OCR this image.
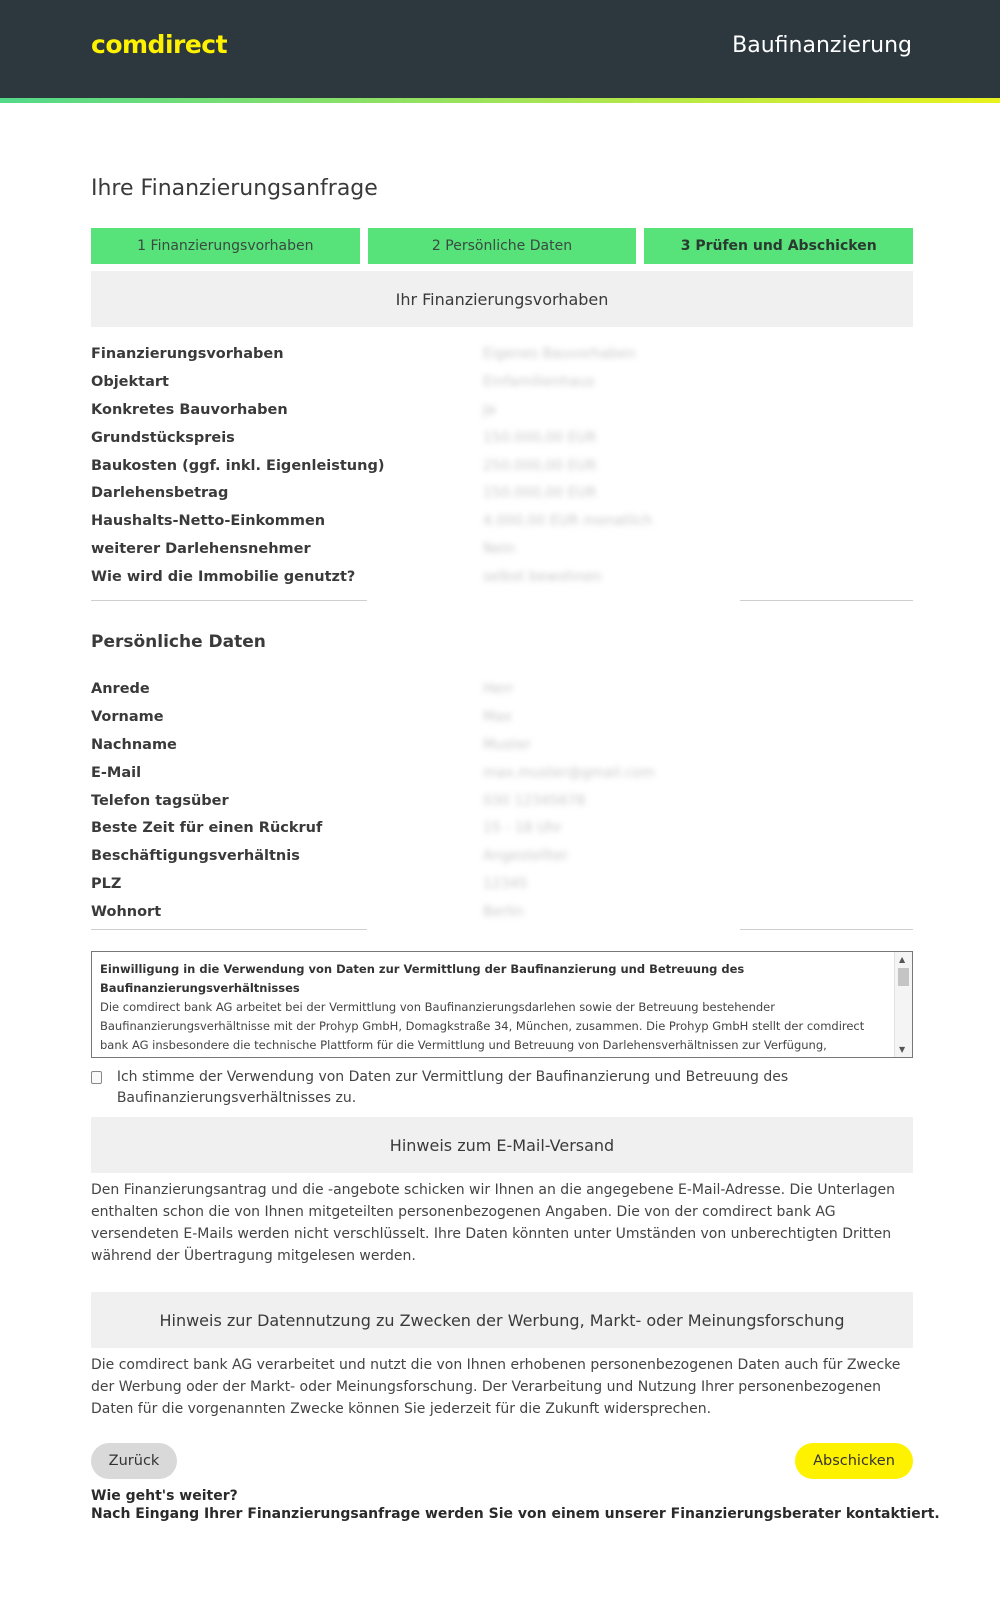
comdirect	Baufinanzierung
Ihre Finanzierungsanfrage
1 Finanzierungsvorhaben	2 Persönliche Daten	3 Prüfen und Abschicken
Ihr Finanzierungsvorhaben
Finanzierungsvorhaben	Eigenes Bauvorhaben
Objektart	Einfamilienhaus
Konkretes Bauvorhaben	Ja
Grundstückspreis	150.000,00 EUR
Baukosten (ggf. inkl. Eigenleistung)	250.000,00 EUR
Darlehensbetrag	150.000,00 EUR
Haushalts-Netto-Einkommen	4.000,00 EUR monatlich
weiterer Darlehensnehmer	Nein
Wie wird die Immobilie genutzt?	selbst bewohnen
Persönliche Daten
Anrede	Herr
Vorname	Max
Nachname	Muster
E-Mail	max.muster@gmail.com
Telefon tagsüber	030 12345678
Beste Zeit für einen Rückruf	15 - 18 Uhr
Beschäftigungsverhältnis	Angestellter
PLZ	12345
Wohnort	Berlin
Einwilligung in die Verwendung von Daten zur Vermittlung der Baufinanzierung und Betreuung des Baufinanzierungsverhältnisses
Die comdirect bank AG arbeitet bei der Vermittlung von Baufinanzierungsdarlehen sowie der Betreuung bestehender Baufinanzierungsverhältnisse mit der Prohyp GmbH, Domagkstraße 34, München, zusammen. Die Prohyp GmbH stellt der comdirect bank AG insbesondere die technische Plattform für die Vermittlung und Betreuung von Darlehensverhältnissen zur Verfügung,
▲
▼
Ich stimme der Verwendung von Daten zur Vermittlung der Baufinanzierung und Betreuung des Baufinanzierungsverhältnisses zu.
Hinweis zum E-Mail-Versand
Den Finanzierungsantrag und die -angebote schicken wir Ihnen an die angegebene E-Mail-Adresse. Die Unterlagen enthalten schon die von Ihnen mitgeteilten personenbezogenen Angaben. Die von der comdirect bank AG versendeten E-Mails werden nicht verschlüsselt. Ihre Daten könnten unter Umständen von unberechtigten Dritten während der Übertragung mitgelesen werden.
Hinweis zur Datennutzung zu Zwecken der Werbung, Markt- oder Meinungsforschung
Die comdirect bank AG verarbeitet und nutzt die von Ihnen erhobenen personenbezogenen Daten auch für Zwecke der Werbung oder der Markt- oder Meinungsforschung. Der Verarbeitung und Nutzung Ihrer personenbezogenen Daten für die vorgenannten Zwecke können Sie jederzeit für die Zukunft widersprechen.
Zurück	Abschicken
Wie geht's weiter?
Nach Eingang Ihrer Finanzierungsanfrage werden Sie von einem unserer Finanzierungsberater kontaktiert.
